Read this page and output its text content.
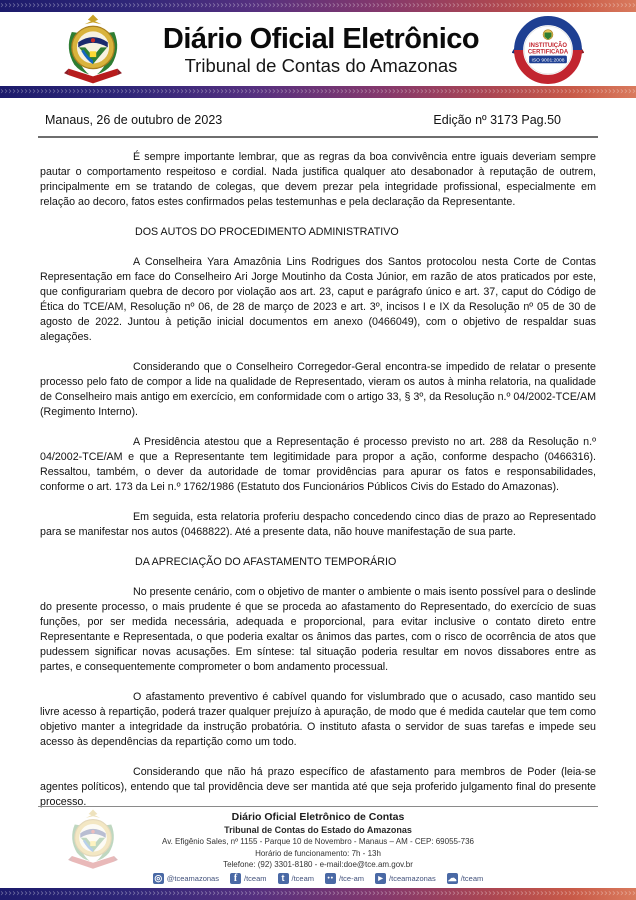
›››››››››››››››››››››››››››››››››››››››››››››››››››››››››››››››››››››››››››››››››››››››››››››››››››››››››››››››››››››››››››››››››››››››››››››››››››››››››››››››››››››››››››››››››››››››››››››››››››››››››››
Diário Oficial Eletrônico
Tribunal de Contas do Amazonas
INSTITUIÇÃO
CERTIFICADA
ISO 9001:2008
›››››››››››››››››››››››››››››››››››››››››››››››››››››››››››››››››››››››››››››››››››››››››››››››››››››››››››››››››››››››››››››››››››››››››››››››››››››››››››››››››››››››››››››››››››››››››››››››››››››››››››
Manaus, 26 de outubro de 2023	Edição nº 3173 Pag.50

É sempre importante lembrar, que as regras da boa convivência entre iguais deveriam sempre pautar o comportamento respeitoso e cordial. Nada justifica qualquer ato desabonador à reputação de outrem, principalmente em se tratando de colegas, que devem prezar pela integridade profissional, especialmente em relação ao decoro, fatos estes confirmados pelas testemunhas e pela declaração da Representante.

DOS AUTOS DO PROCEDIMENTO ADMINISTRATIVO

A Conselheira Yara Amazônia Lins Rodrigues dos Santos protocolou nesta Corte de Contas Representação em face do Conselheiro Ari Jorge Moutinho da Costa Júnior, em razão de atos praticados por este, que configurariam quebra de decoro por violação aos art. 23, caput e parágrafo único e art. 37, caput do Código de Ética do TCE/AM, Resolução nº 06, de 28 de março de 2023 e art. 3º, incisos I e IX da Resolução nº 05 de 30 de agosto de 2022. Juntou à petição inicial documentos em anexo (0466049), com o objetivo de respaldar suas alegações.

Considerando que o Conselheiro Corregedor-Geral encontra-se impedido de relatar o presente processo pelo fato de compor a lide na qualidade de Representado, vieram os autos à minha relatoria, na qualidade de Conselheiro mais antigo em exercício, em conformidade com o artigo 33, § 3º, da Resolução n.º 04/2002-TCE/AM (Regimento Interno).

A Presidência atestou que a Representação é processo previsto no art. 288 da Resolução n.º 04/2002-TCE/AM e que a Representante tem legitimidade para propor a ação, conforme despacho (0466316). Ressaltou, também, o dever da autoridade de tomar providências para apurar os fatos e responsabilidades, conforme o art. 173 da Lei n.º 1762/1986 (Estatuto dos Funcionários Públicos Civis do Estado do Amazonas).

Em seguida, esta relatoria proferiu despacho concedendo cinco dias de prazo ao Representado para se manifestar nos autos (0468822). Até a presente data, não houve manifestação de sua parte.

DA APRECIAÇÃO DO AFASTAMENTO TEMPORÁRIO

No presente cenário, com o objetivo de manter o ambiente o mais isento possível para o deslinde do presente processo, o mais prudente é que se proceda ao afastamento do Representado, do exercício de suas funções, por ser medida necessária, adequada e proporcional, para evitar inclusive o contato direto entre Representante e Representada, o que poderia exaltar os ânimos das partes, com o risco de ocorrência de atos que pudessem significar novas acusações. Em síntese: tal situação poderia resultar em novos dissabores entre as partes, e consequentemente comprometer o bom andamento processual.

O afastamento preventivo é cabível quando for vislumbrado que o acusado, caso mantido seu livre acesso à repartição, poderá trazer qualquer prejuízo à apuração, de modo que é medida cautelar que tem como objetivo manter a integridade da instrução probatória. O instituto afasta o servidor de suas tarefas e impede seu acesso às dependências da repartição como um todo.

Considerando que não há prazo específico de afastamento para membros de Poder (leia-se agentes políticos), entendo que tal providência deve ser mantida até que seja proferido julgamento final do presente processo.

Diário Oficial Eletrônico de Contas
Tribunal de Contas do Estado do Amazonas
Av. Efigênio Sales, nº 1155 - Parque 10 de Novembro - Manaus – AM - CEP: 69055-736
Horário de funcionamento: 7h - 13h
Telefone: (92) 3301-8180 - e-mail:doe@tce.am.gov.br
◎
@tceamazonas f	/tceam t	/tceam ●●	/tce-am ▶	/tceamazonas ☁	/tceam
›››››››››››››››››››››››››››››››››››››››››››››››››››››››››››››››››››››››››››››››››››››››››››››››››››››››››››››››››››››››››››››››››››››››››››››››››››››››››››››››››››››››››››››››››››››››››››››››››››››››››››
